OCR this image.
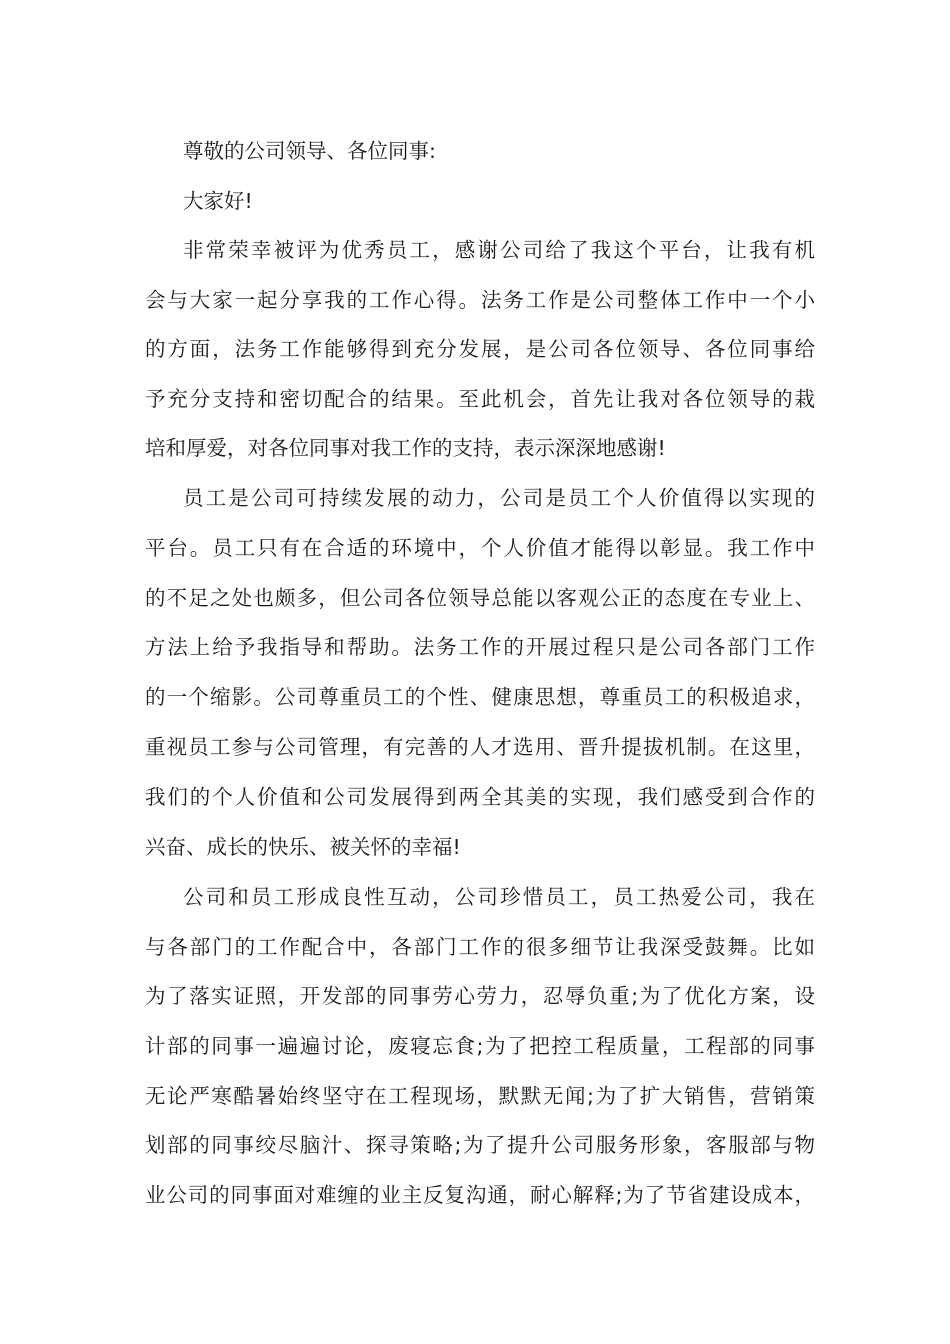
尊敬的公司领导、各位同事:
大家好!
非常荣幸被评为优秀员工，感谢公司给了我这个平台，让我有机
会与大家一起分享我的工作心得。法务工作是公司整体工作中一个小
的方面，法务工作能够得到充分发展，是公司各位领导、各位同事给
予充分支持和密切配合的结果。至此机会，首先让我对各位领导的栽
培和厚爱，对各位同事对我工作的支持，表示深深地感谢!
员工是公司可持续发展的动力，公司是员工个人价值得以实现的
平台。员工只有在合适的环境中，个人价值才能得以彰显。我工作中
的不足之处也颇多，但公司各位领导总能以客观公正的态度在专业上、
方法上给予我指导和帮助。法务工作的开展过程只是公司各部门工作
的一个缩影。公司尊重员工的个性、健康思想，尊重员工的积极追求，
重视员工参与公司管理，有完善的人才选用、晋升提拔机制。在这里，
我们的个人价值和公司发展得到两全其美的实现，我们感受到合作的
兴奋、成长的快乐、被关怀的幸福!
公司和员工形成良性互动，公司珍惜员工，员工热爱公司，我在
与各部门的工作配合中，各部门工作的很多细节让我深受鼓舞。比如
为了落实证照，开发部的同事劳心劳力，忍辱负重;为了优化方案，设
计部的同事一遍遍讨论，废寝忘食;为了把控工程质量，工程部的同事
无论严寒酷暑始终坚守在工程现场，默默无闻;为了扩大销售，营销策
划部的同事绞尽脑汁、探寻策略;为了提升公司服务形象，客服部与物
业公司的同事面对难缠的业主反复沟通，耐心解释;为了节省建设成本，
